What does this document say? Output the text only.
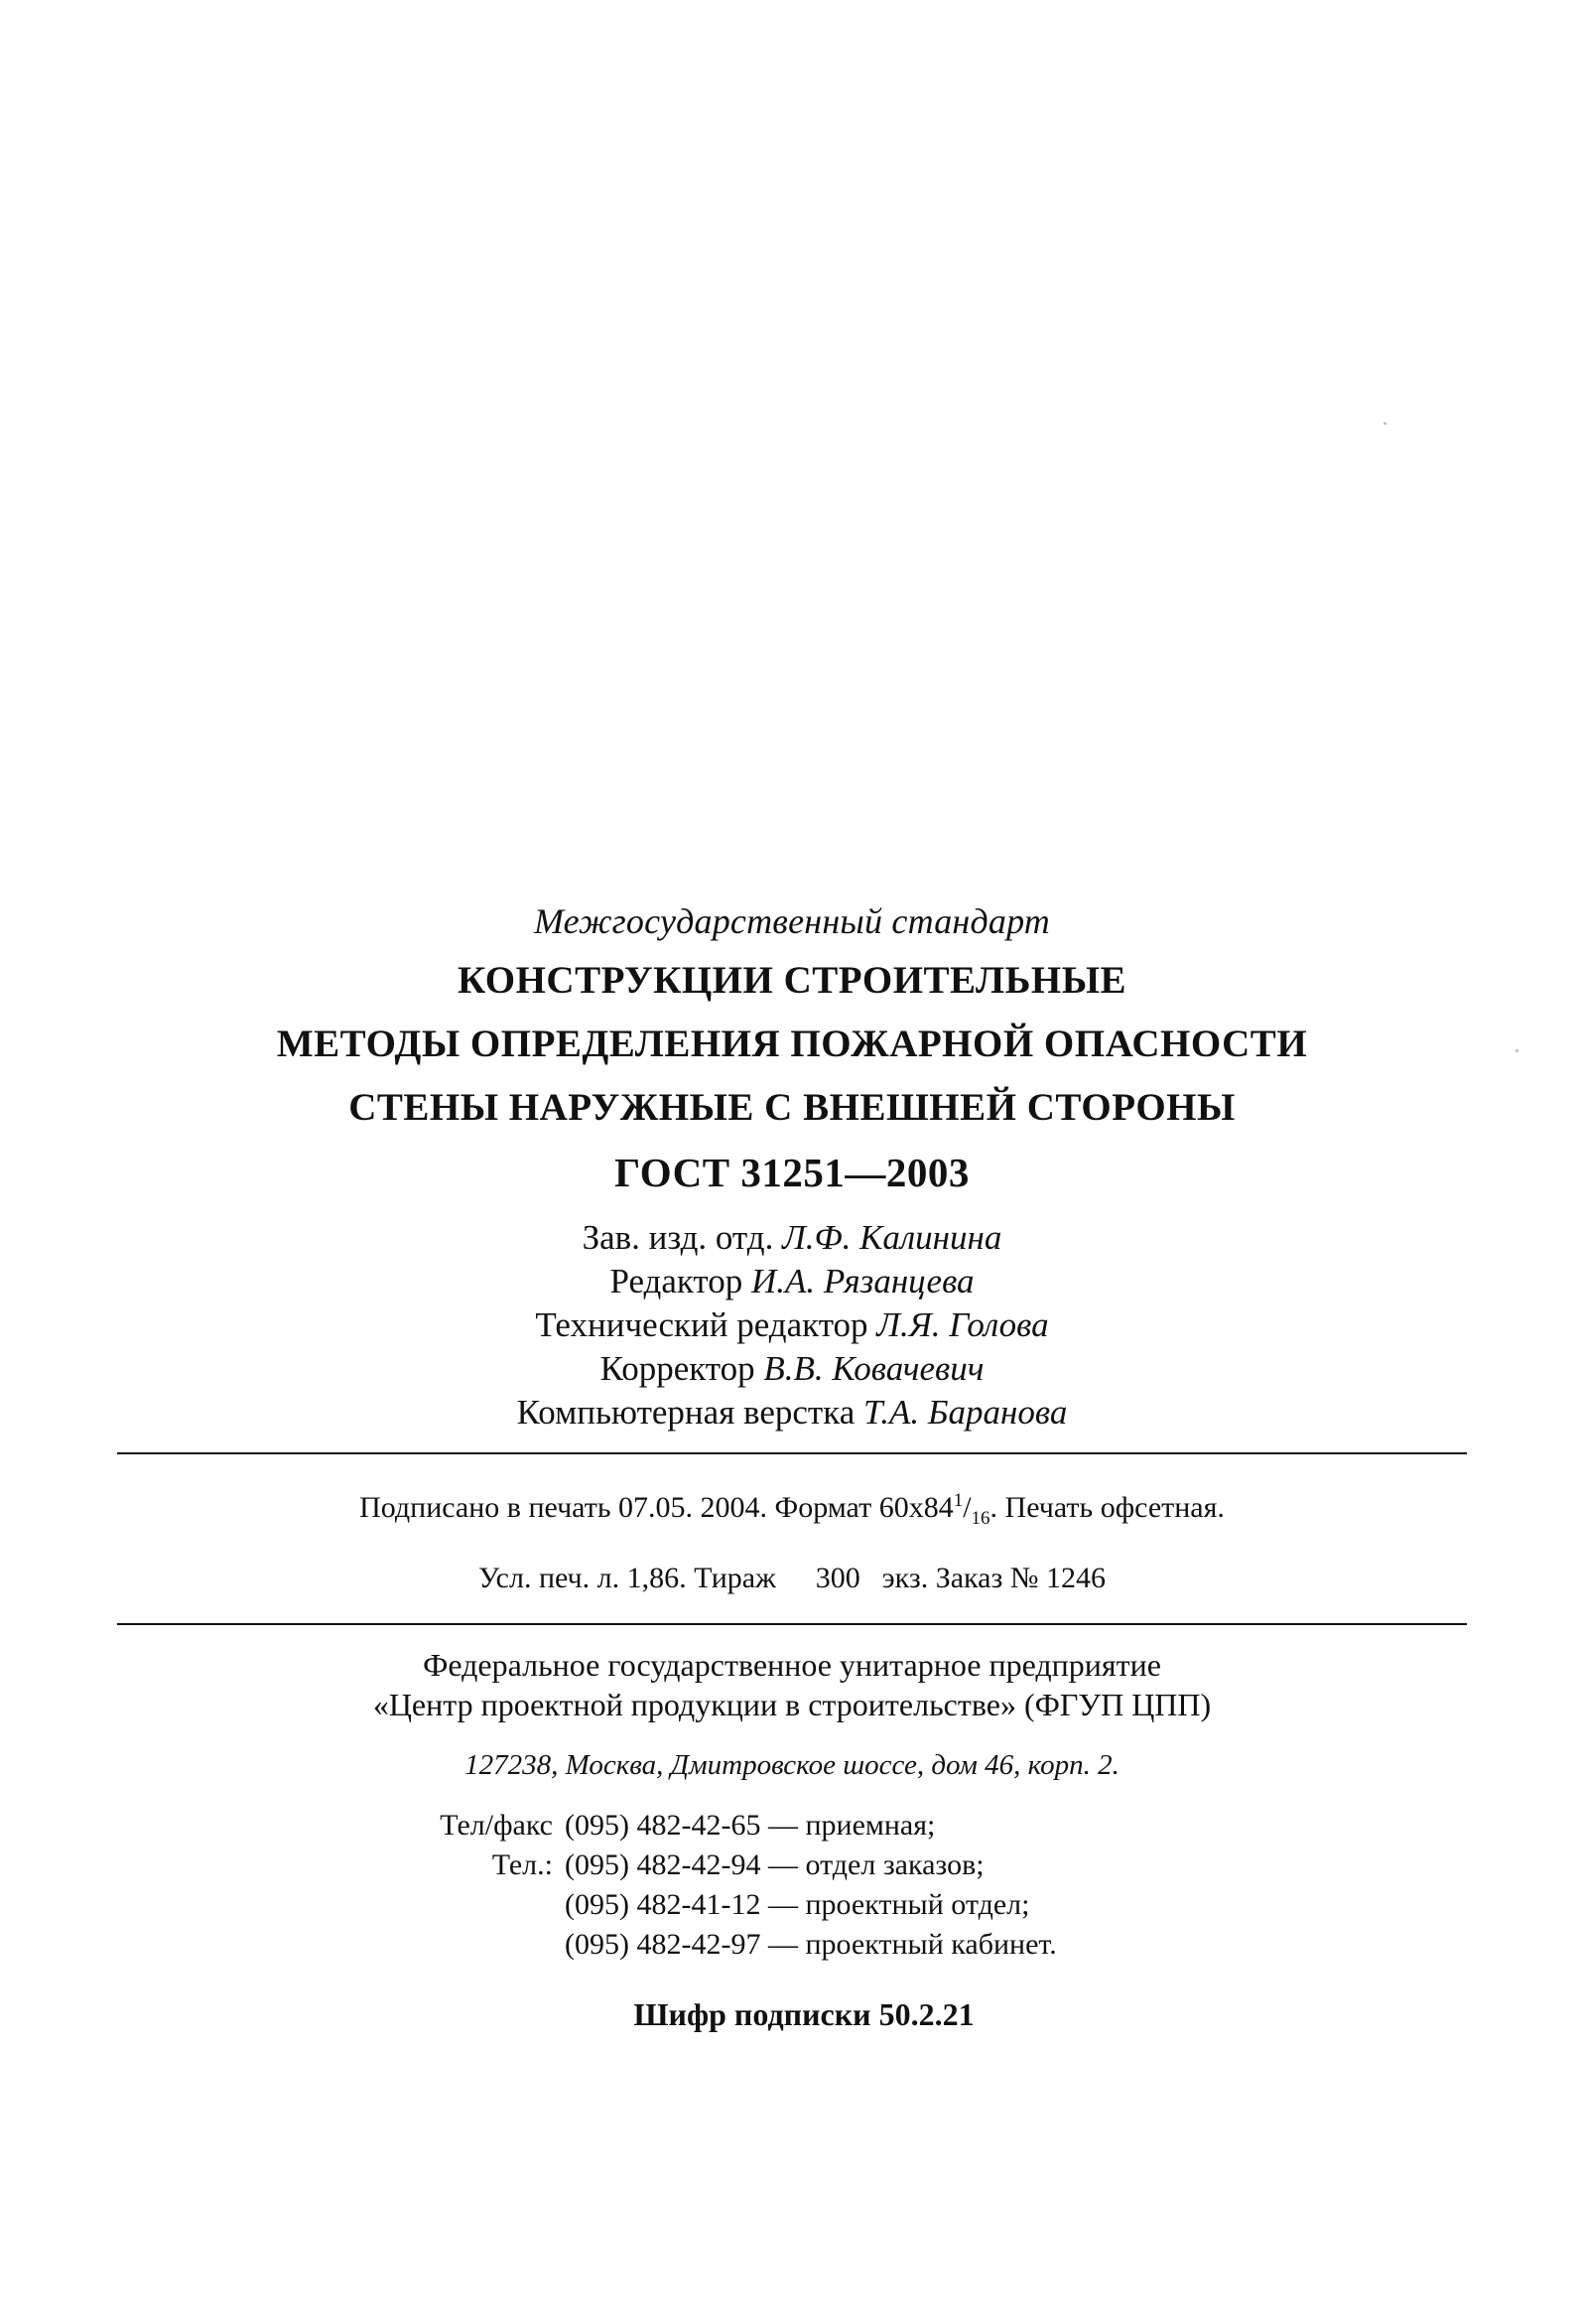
Межгосударственный стандарт
КОНСТРУКЦИИ СТРОИТЕЛЬНЫЕ
МЕТОДЫ ОПРЕДЕЛЕНИЯ ПОЖАРНОЙ ОПАСНОСТИ
СТЕНЫ НАРУЖНЫЕ С ВНЕШНЕЙ СТОРОНЫ
ГОСТ 31251—2003
Зав. изд. отд. Л.Ф. Калинина
Редактор И.А. Рязанцева
Технический редактор Л.Я. Голова
Корректор В.В. Ковачевич
Компьютерная верстка Т.А. Баранова
Подписано в печать 07.05. 2004. Формат $60x84^1/_{16}$. Печать офсетная.
Усл. печ. л. 1,86. Тираж 300 экз. Заказ № 1246
Федеральное государственное унитарное предприятие
«Центр проектной продукции в строительстве» (ФГУП ЦПП)
127238, Москва, Дмитровское шоссе, дом 46, корп. 2.
Тел/факс (095) 482-42-65 — приемная;
Тел.: (095) 482-42-94 — отдел заказов;
(095) 482-41-12 — проектный отдел;
(095) 482-42-97 — проектный кабинет.
Шифр подписки 50.2.21
